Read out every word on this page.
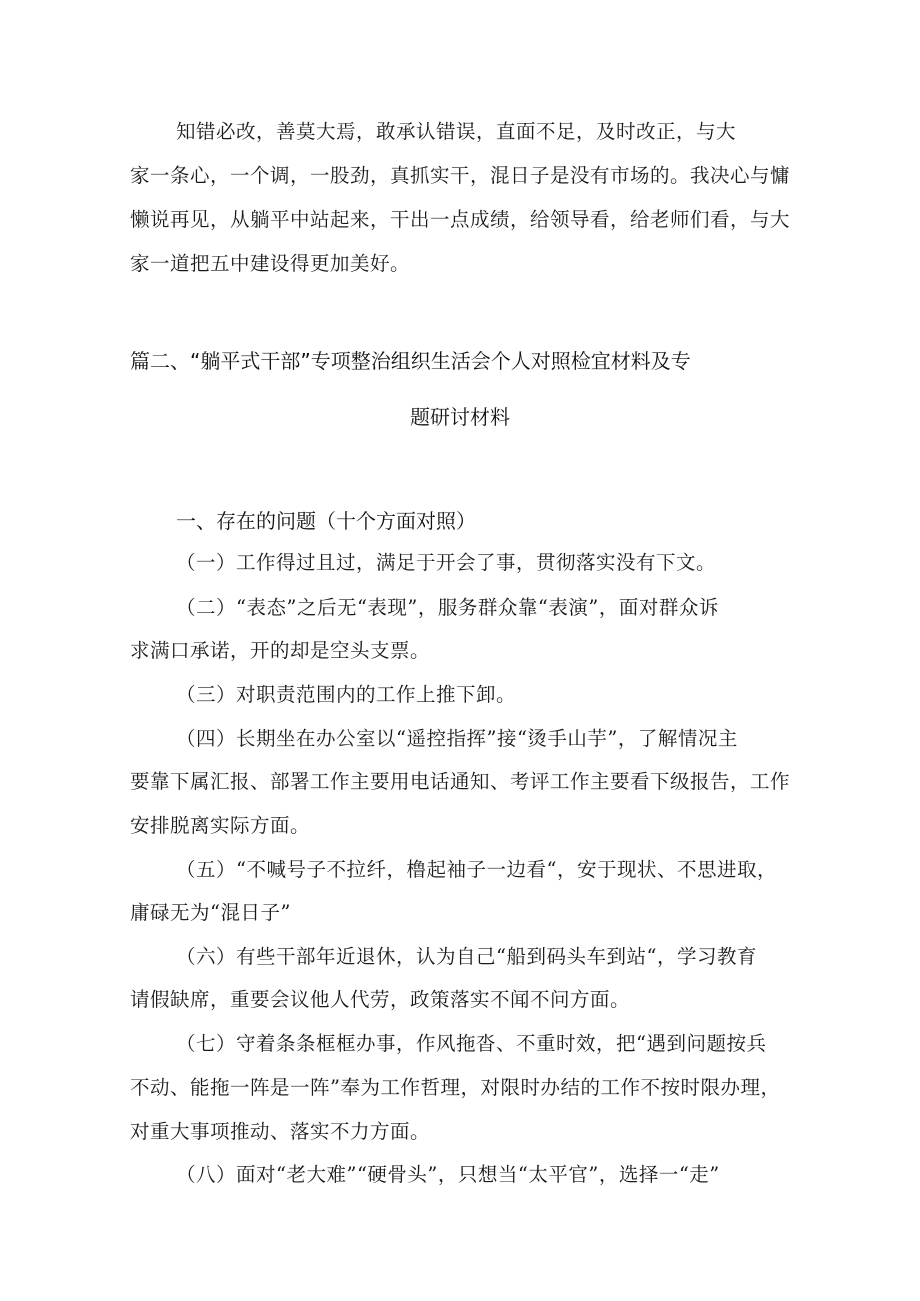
知错必改，善莫大焉，敢承认错误，直面不足，及时改正，与大
家一条心，一个调，一股劲，真抓实干，混日子是没有市场的。我决心与慵
懒说再见，从躺平中站起来，干出一点成绩，给领导看，给老师们看，与大
家一道把五中建设得更加美好。
篇二、“躺平式干部”专项整治组织生活会个人对照检宜材料及专
题研讨材料
一、存在的问题（十个方面对照）
（一）工作得过且过，满足于开会了事，贯彻落实没有下文。
（二）“表态”之后无“表现”，服务群众靠“表演”，面对群众诉
求满口承诺，开的却是空头支票。
（三）对职责范围内的工作上推下卸。
（四）长期坐在办公室以“遥控指挥”接“烫手山芋”，了解情况主
要靠下属汇报、部署工作主要用电话通知、考评工作主要看下级报告，工作
安排脱离实际方面。
（五）“不喊号子不拉纤，橹起袖子一边看“，安于现状、不思进取，
庸碌无为“混日子”
（六）有些干部年近退休，认为自己“船到码头车到站“，学习教育
请假缺席，重要会议他人代劳，政策落实不闻不问方面。
（七）守着条条框框办事，作风拖沓、不重时效，把“遇到问题按兵
不动、能拖一阵是一阵”奉为工作哲理，对限时办结的工作不按时限办理，
对重大事项推动、落实不力方面。
（八）面对“老大难”“硬骨头”，只想当“太平官”，选择一“走”
